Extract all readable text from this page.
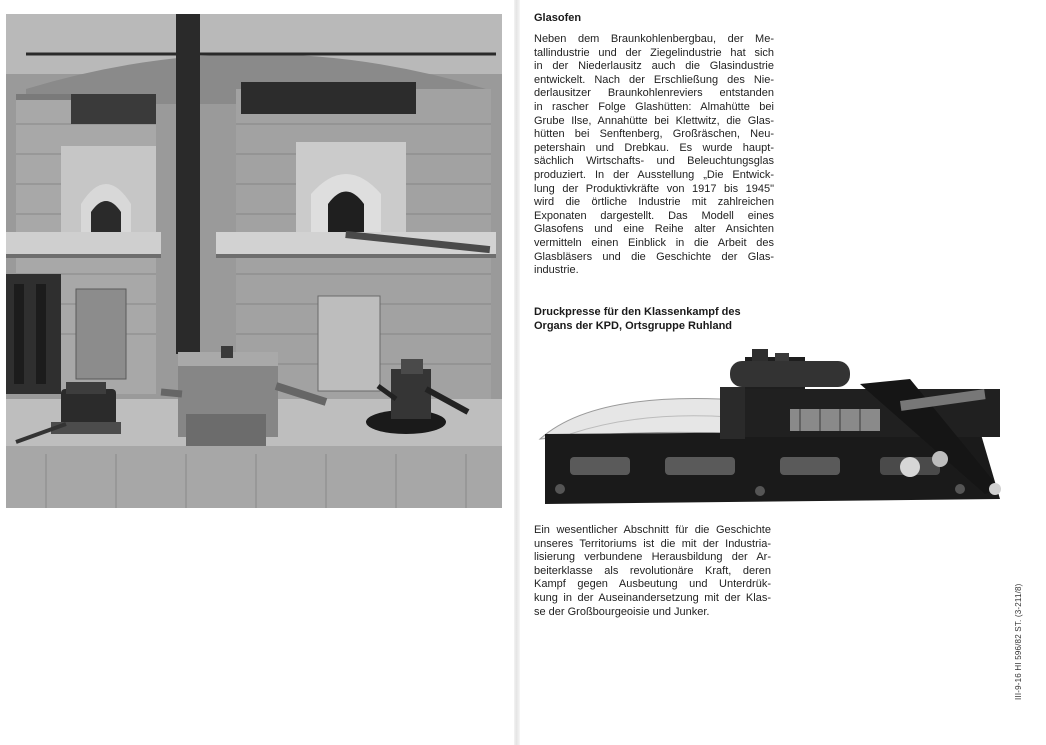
Glasofen

Neben dem Braunkohlenbergbau, der Me-
tallindustrie und der Ziegelindustrie hat sich
in der Niederlausitz auch die Glasindustrie
entwickelt. Nach der Erschließung des Nie-
derlausitzer Braunkohlenreviers entstanden
in rascher Folge Glashütten: Almahütte bei
Grube Ilse, Annahütte bei Klettwitz, die Glas-
hütten bei Senftenberg, Großräschen, Neu-
petershain und Drebkau. Es wurde haupt-
sächlich Wirtschafts- und Beleuchtungsglas
produziert. In der Ausstellung „Die Entwick-
lung der Produktivkräfte von 1917 bis 1945"
wird die örtliche Industrie mit zahlreichen
Exponaten dargestellt. Das Modell eines
Glasofens und eine Reihe alter Ansichten
vermitteln einen Einblick in die Arbeit des
Glasbläsers und die Geschichte der Glas-
industrie.

Druckpresse für den Klassenkampf des
Organs der KPD, Ortsgruppe Ruhland

Ein wesentlicher Abschnitt für die Geschichte
unseres Territoriums ist die mit der Industria-
lisierung verbundene Herausbildung der Ar-
beiterklasse als revolutionäre Kraft, deren
Kampf gegen Ausbeutung und Unterdrük-
kung in der Auseinandersetzung mit der Klas-
se der Großbourgeoisie und Junker.	III-9-16 HI 596/82 ST. (3-211/8)
